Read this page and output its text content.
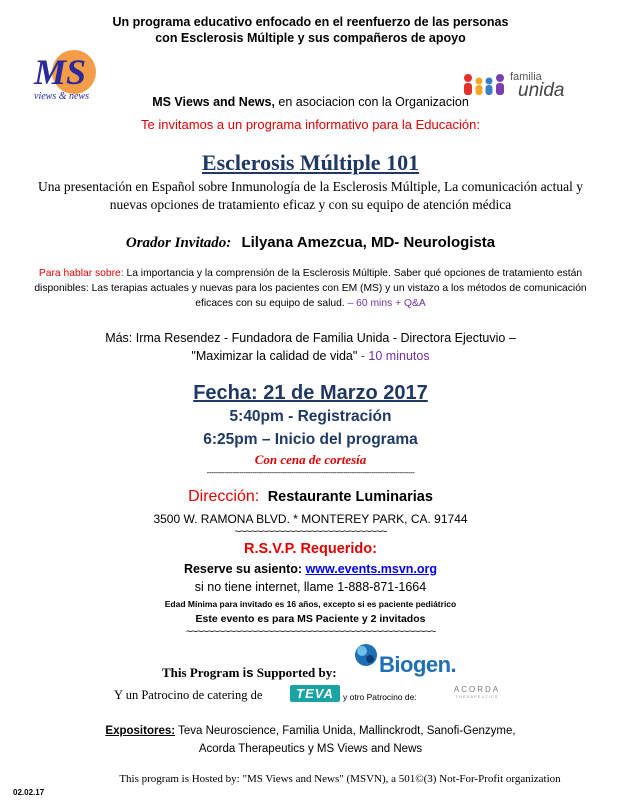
Un programa educativo enfocado en el reenfuerzo de las personas
con Esclerosis Múltiple y sus compañeros de apoyo
MS
views & news
familia
unida
MS Views and News, en asociacion con la Organizacion
Te invitamos a un programa informativo para la Educación:
Esclerosis Múltiple 101
Una presentación en Español sobre Inmunología de la Esclerosis Múltiple, La comunicación actual y
nuevas opciones de tratamiento eficaz y con su equipo de atención médica
Orador Invitado: Lilyana Amezcua, MD- Neurologista
Para hablar sobre: La importancia y la comprensión de la Esclerosis Múltiple. Saber qué opciones de tratamiento están
disponibles: Las terapias actuales y nuevas para los pacientes con EM (MS) y un vistazo a los métodos de comunicación
eficaces con su equipo de salud. – 60 mins + Q&A
Más: Irma Resendez - Fundadora de Familia Unida - Directora Ejectuvio –
"Maximizar la calidad de vida" - 10 minutos
Fecha: 21 de Marzo 2017
5:40pm - Registración
6:25pm – Inicio del programa
Con cena de cortesía
------------------------------------------------------------------------------------------------
Dirección: Restaurante Luminarias
3500 W. RAMONA BLVD. * MONTEREY PARK, CA. 91744
~~~~~~~~~~~~~~~~~~~~~~~~~~~~
R.S.V.P. Requerido:
Reserve su asiento: www.events.msvn.org
si no tiene internet, llame 1-888-871-1664
Edad Mínima para invitado es 16 años, excepto si es paciente pediátrico
Este evento es para MS Paciente y 2 invitados
~~~~~~~~~~~~~~~~~~~~~~~~~~~~~~~~~~~~~~~~~~~~~~
This Program is Supported by: Biogen.
Y un Patrocino de catering de	TEVA	y otro Patrocino de:
ACORDA
THERAPEUTICS
Expositores: Teva Neuroscience, Familia Unida, Mallinckrodt, Sanofi-Genzyme,
Acorda Therapeutics y MS Views and News
02.02.17
This program is Hosted by: "MS Views and News" (MSVN), a 501©(3) Not-For-Profit organization
